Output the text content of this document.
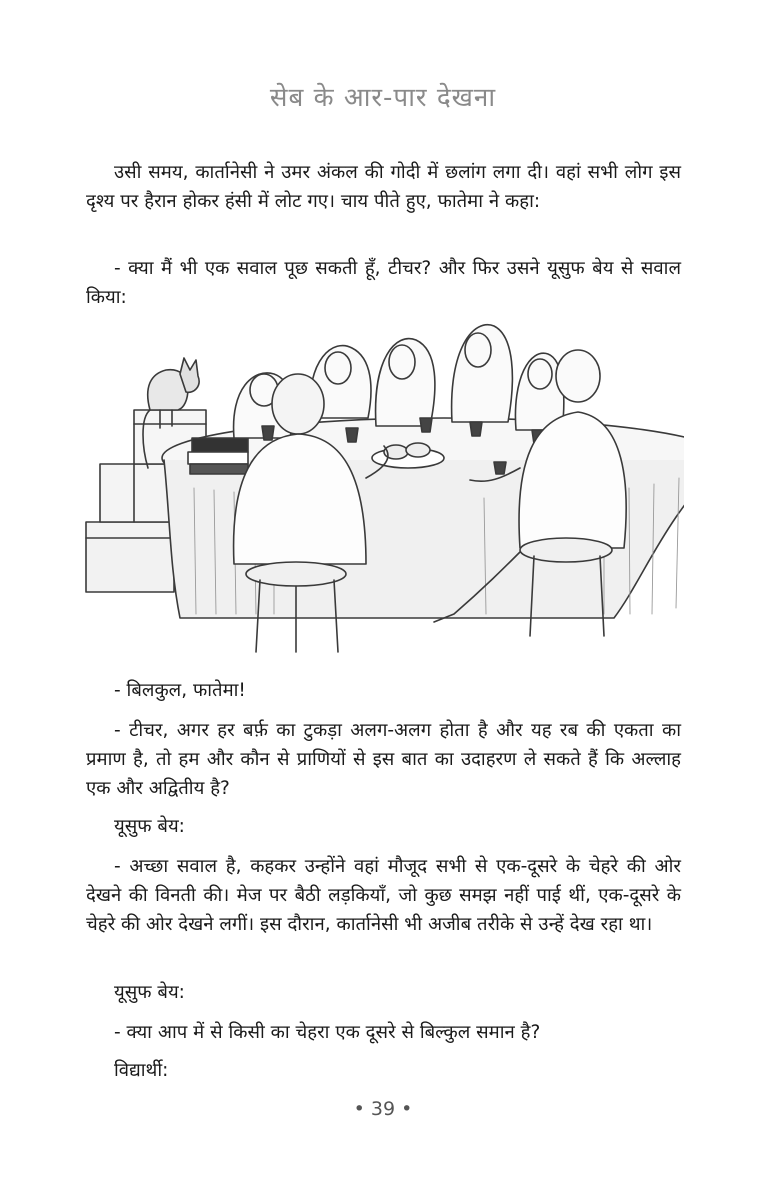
सेब के आर-पार देखना

उसी समय, कार्तानेसी ने उमर अंकल की गोदी में छलांग लगा दी। वहां सभी लोग इस दृश्य पर हैरान होकर हंसी में लोट गए। चाय पीते हुए, फातेमा ने कहा:

- क्या मैं भी एक सवाल पूछ सकती हूँ, टीचर? और फिर उसने यूसुफ बेय से सवाल किया:

- बिलकुल, फातेमा!

- टीचर, अगर हर बर्फ़ का टुकड़ा अलग-अलग होता है और यह रब की एकता का प्रमाण है, तो हम और कौन से प्राणियों से इस बात का उदाहरण ले सकते हैं कि अल्लाह एक और अद्वितीय है?

यूसुफ बेय:

- अच्छा सवाल है, कहकर उन्होंने वहां मौजूद सभी से एक-दूसरे के चेहरे की ओर देखने की विनती की। मेज पर बैठी लड़कियाँ, जो कुछ समझ नहीं पाई थीं, एक-दूसरे के चेहरे की ओर देखने लगीं। इस दौरान, कार्तानेसी भी अजीब तरीके से उन्हें देख रहा था।

यूसुफ बेय:

- क्या आप में से किसी का चेहरा एक दूसरे से बिल्कुल समान है?

विद्यार्थी:

• 39 •
